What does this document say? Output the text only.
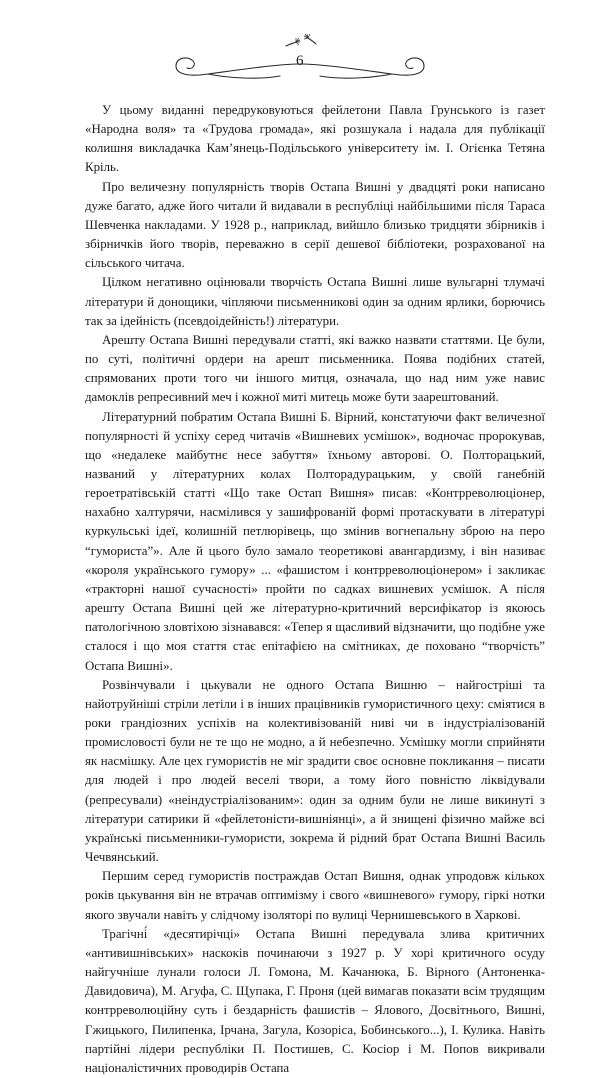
6

У цьому виданні передруковуються фейлетони Павла Грунського із газет «Народна воля» та «Трудова громада», які розшукала і надала для публікації колишня викладачка Кам’янець-Подільського університету ім. І. Огієнка Тетяна Кріль.

Про величезну популярність творів Остапа Вишні у двадцяті роки написано дуже багато, адже його читали й видавали в республіці найбільшими після Тараса Шевченка накладами. У 1928 р., наприклад, вийшло близько тридцяти збірників і збірничків його творів, переважно в серії дешевої бібліотеки, розрахованої на сільського читача.

Цілком негативно оцінювали творчість Остапа Вишні лише вульгарні тлумачі літератури й донощики, чіпляючи письменникові один за одним ярлики, борючись так за ідейність (псевдоідейність!) літератури.

Арешту Остапа Вишні передували статті, які важко назвати статтями. Це були, по суті, політичні ордери на арешт письменника. Поява подібних статей, спрямованих проти того чи іншого митця, означала, що над ним уже навис дамоклів репресивний меч і кожної миті митець може бути заарештований.

Літературний побратим Остапа Вишні Б. Вірний, констатуючи факт величезної популярності й успіху серед читачів «Вишневих усмішок», водночас пророкував, що «недалеке майбутнє несе забуття» їхньому авторові. О. Полторацький, названий у літературних колах Полторадурацьким, у своїй ганебній героетратівській статті «Що таке Остап Вишня» писав: «Контрреволюціонер, нахабно халтурячи, насмілився у зашифрованій формі протаскувати в літературі куркульські ідеї, колишній петлюрівець, що змінив вогнепальну зброю на перо “гумориста”». Але й цього було замало теоретикові авангардизму, і він називає «короля українського гумору» ... «фашистом і контрреволюціонером» і закликає «тракторні нашої сучасності» пройти по садках вишневих усмішок. А після арешту Остапа Вишні цей же літературно-критичний версифікатор із якоюсь патологічною зловтіхою зізнавався: «Тепер я щасливий відзначити, що подібне уже сталося і що моя стаття стає епітафією на смітниках, де поховано “творчість” Остапа Вишні».

Розвінчували і цькували не одного Остапа Вишню – найгостріші та найотруйніші стріли летіли і в інших працівників гумористичного цеху: сміятися в роки грандіозних успіхів на колективізованій ниві чи в індустріалізованій промисловості були не те що не модно, а й небезпечно. Усмішку могли сприйняти як насмішку. Але цех гумористів не міг зрадити своє основне покликання – писати для людей і про людей веселі твори, а тому його повністю ліквідували (репресували) «неіндустріалізованим»: один за одним були не лише викинуті з літератури сатирики й «фейлетоністи-вишніянці», а й знищені фізично майже всі українські письменники-гумористи, зокрема й рідний брат Остапа Вишні Василь Чечвянський.

Першим серед гумористів постраждав Остап Вишня, однак упродовж кількох років цькування він не втрачав оптимізму і свого «вишневого» гумору, гіркі нотки якого звучали навіть у слідчому ізоляторі по вулиці Чернишевського в Харкові.

Трагічні́ «десятирічці» Остапа Вишні передувала злива критичних «антивишнівських» наскоків починаючи з 1927 р. У хорі критичного осуду найгучніше лунали голоси Л. Гомона, М. Качанюка, Б. Вірного (Антоненка-Давидовича), М. Агуфа, С. Щупака, Г. Проня (цей вимагав показати всім трудящим контрреволюційну суть і бездарність фашистів – Ялового, Досвітнього, Вишні, Гжицького, Пилипенка, Ірчана, Загула, Козоріса, Бобинського...), І. Кулика. Навіть партійні лідери республіки П. Постишев, С. Косіор і М. Попов викривали націоналістичних проводирів Остапа
